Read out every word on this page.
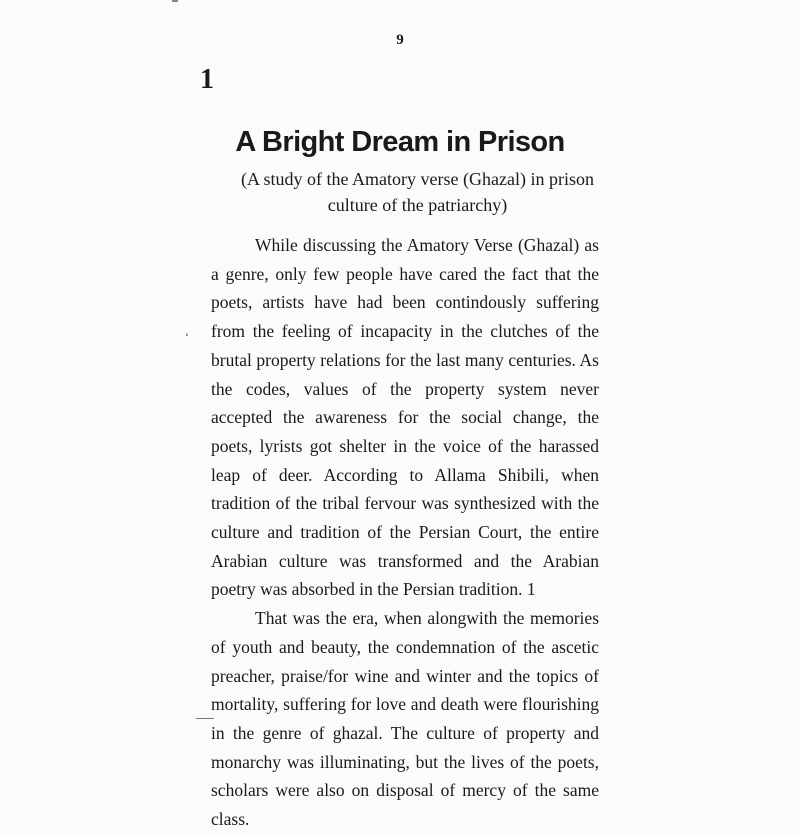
9
1
A Bright Dream in Prison
(A study of the Amatory verse (Ghazal) in prison culture of the patriarchy)

While discussing the Amatory Verse (Ghazal) as a genre, only few people have cared the fact that the poets, artists have had been contindously suffering from the feeling of incapacity in the clutches of the brutal property relations for the last many centuries. As the codes, values of the property system never accepted the awareness for the social change, the poets, lyrists got shelter in the voice of the harassed leap of deer. According to Allama Shibili, when tradition of the tribal fervour was synthesized with the culture and tradition of the Persian Court, the entire Arabian culture was transformed and the Arabian poetry was absorbed in the Persian tradition. 1

That was the era, when alongwith the memories of youth and beauty, the condemnation of the ascetic preacher, praise/for wine and winter and the topics of mortality, suffering for love and death were flourishing in the genre of ghazal. The culture of property and monarchy was illuminating, but the lives of the poets, scholars were also on disposal of mercy of the same class.

ʻ
